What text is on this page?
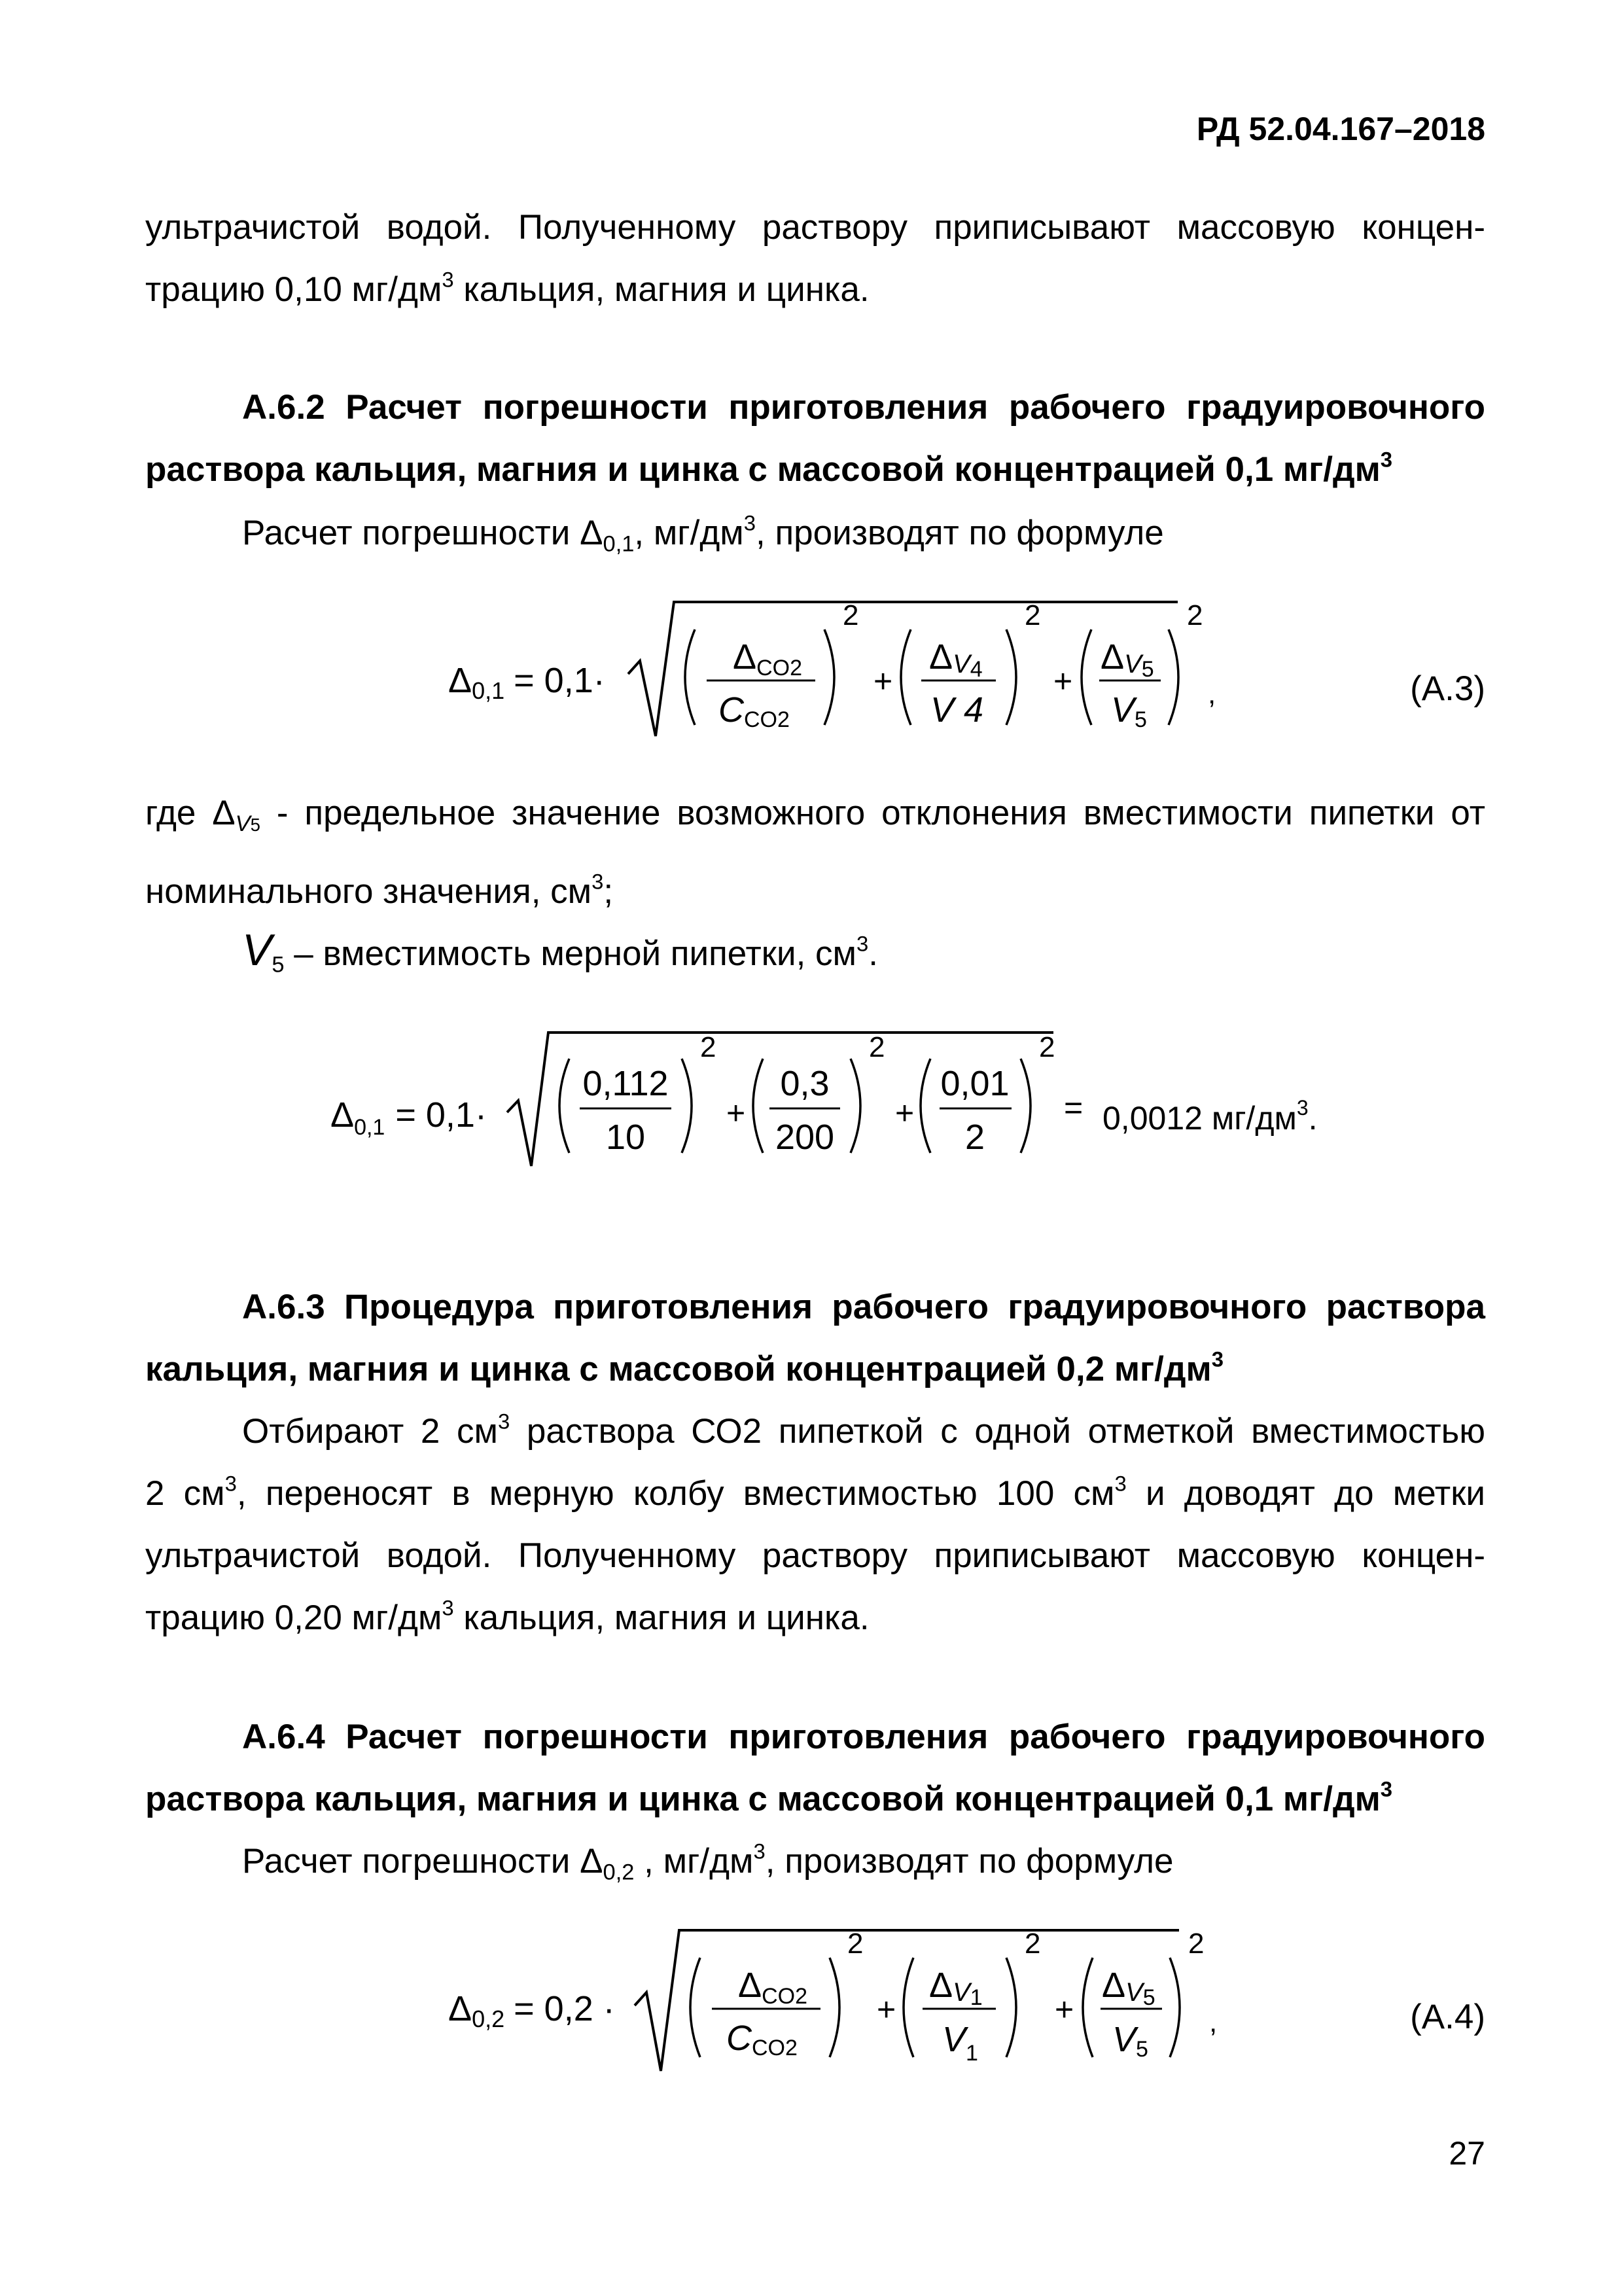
РД 52.04.167–2018
ультрачистой водой. Полученному раствору приписывают массовую концен-
трацию 0,10 $мг/дм^3$ кальция, магния и цинка.
А.6.2 Расчет погрешности приготовления рабочего градуировочного
раствора кальция, магния и цинка с массовой концентрацией 0,1 $мг/дм^3$
Расчет погрешности $\Delta_{0,1}$, $мг/дм^3$, производят по формуле
Δ0,1 = 0,1·
ΔCO2
CCO2
2
+
ΔV4
V 4
2
+
ΔV5
V5
2
,	(А.3)
где $\Delta_{V5}$ - предельное значение возможного отклонения вместимости пипетки от
номинального значения, $см^3$;
$V_5$ – вместимость мерной пипетки, $см^3$.
$\Delta_{0,1} = 0,1\cdot$
0,112
10
2
+
0,3
200
2
+
0,01
2
2
= 0,0012 $мг/дм^3$.
А.6.3 Процедура приготовления рабочего градуировочного раствора
кальция, магния и цинка с массовой концентрацией 0,2 $мг/дм^3$
Отбирают 2 $см^3$ раствора СО2 пипеткой с одной отметкой вместимостью
2 $см^3$, переносят в мерную колбу вместимостью 100 $см^3$ и доводят до метки
ультрачистой водой. Полученному раствору приписывают массовую концен-
трацию 0,20 $мг/дм^3$ кальция, магния и цинка.
А.6.4 Расчет погрешности приготовления рабочего градуировочного
раствора кальция, магния и цинка с массовой концентрацией 0,1 $мг/дм^3$
Расчет погрешности $\Delta_{0,2}$ , $мг/дм^3$, производят по формуле
Δ0,2 = 0,2 ·
ΔCO2
CCO2
2
+
ΔV1
$V_1$
2
+
ΔV5
V5
2
,	(А.4)
27
